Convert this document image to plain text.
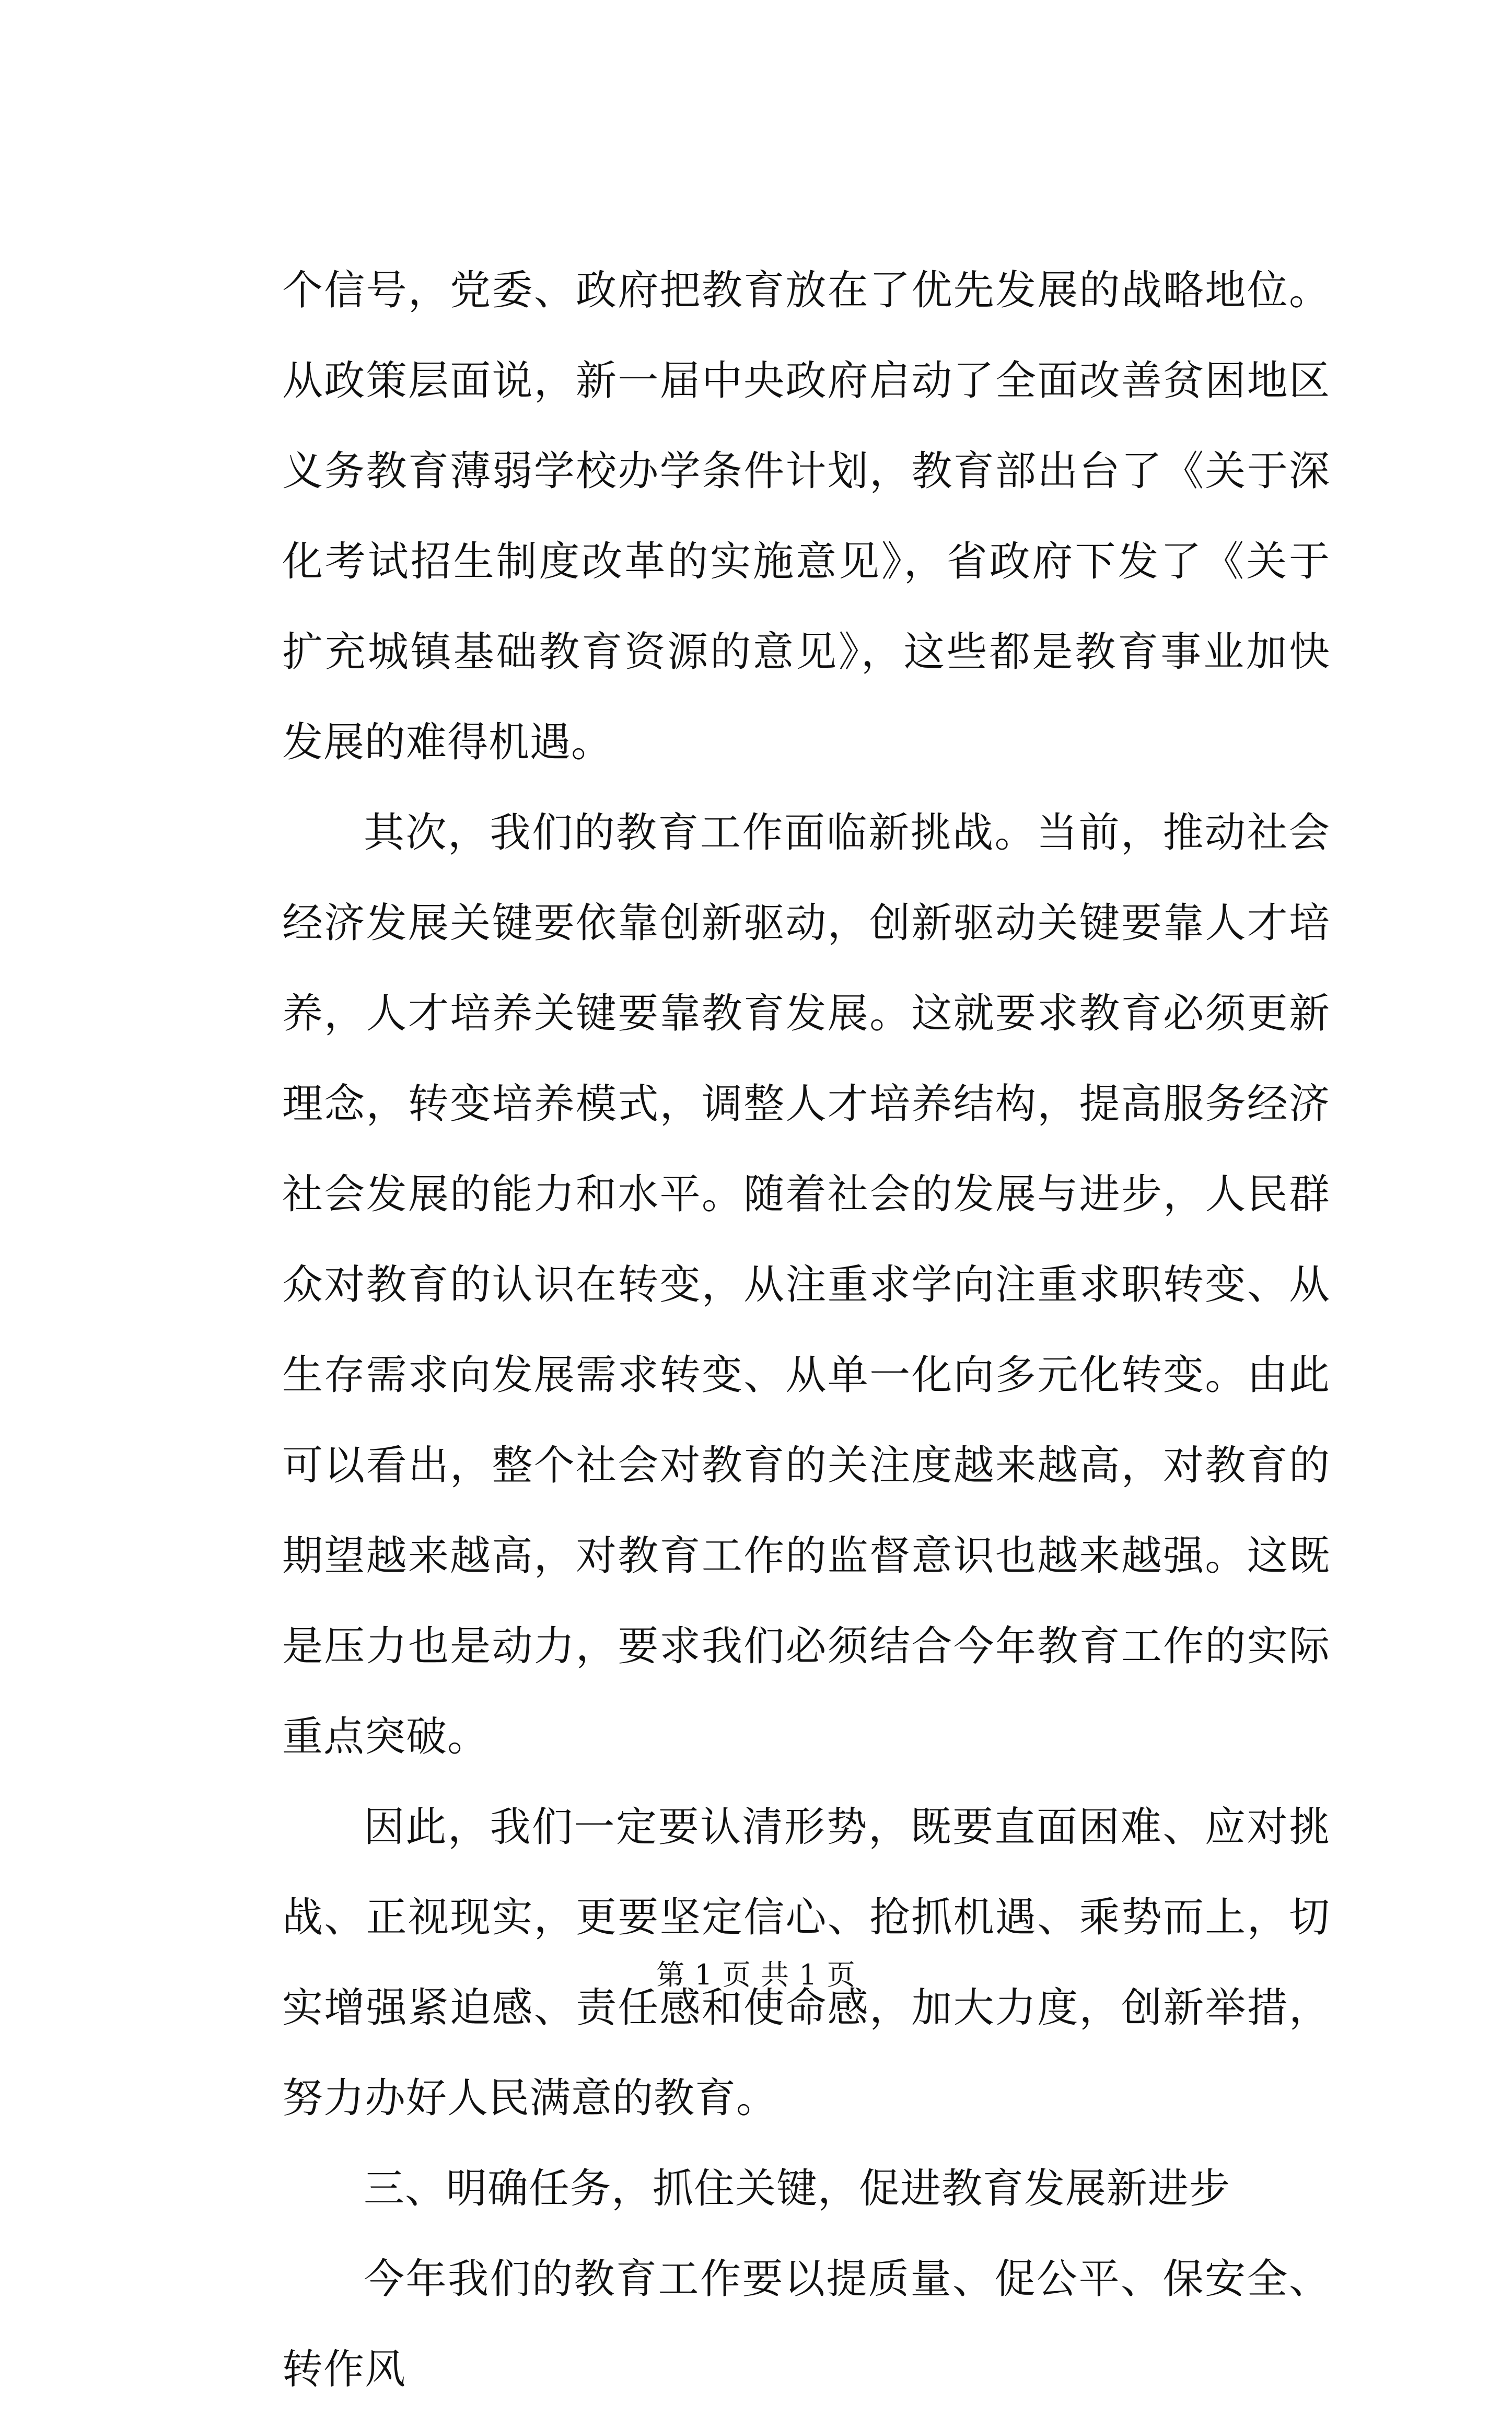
个信号，党委、政府把教育放在了优先发展的战略地位。从政策层面说，新一届中央政府启动了全面改善贫困地区义务教育薄弱学校办学条件计划，教育部出台了《关于深化考试招生制度改革的实施意见》，省政府下发了《关于扩充城镇基础教育资源的意见》，这些都是教育事业加快发展的难得机遇。

其次，我们的教育工作面临新挑战。当前，推动社会经济发展关键要依靠创新驱动，创新驱动关键要靠人才培养，人才培养关键要靠教育发展。这就要求教育必须更新理念，转变培养模式，调整人才培养结构，提高服务经济社会发展的能力和水平。随着社会的发展与进步，人民群众对教育的认识在转变，从注重求学向注重求职转变、从生存需求向发展需求转变、从单一化向多元化转变。由此可以看出，整个社会对教育的关注度越来越高，对教育的期望越来越高，对教育工作的监督意识也越来越强。这既是压力也是动力，要求我们必须结合今年教育工作的实际重点突破。

因此，我们一定要认清形势，既要直面困难、应对挑战、正视现实，更要坚定信心、抢抓机遇、乘势而上，切实增强紧迫感、责任感和使命感，加大力度，创新举措，努力办好人民满意的教育。

三、明确任务，抓住关键，促进教育发展新进步

今年我们的教育工作要以提质量、促公平、保安全、转作风

第 1 页 共 1 页
